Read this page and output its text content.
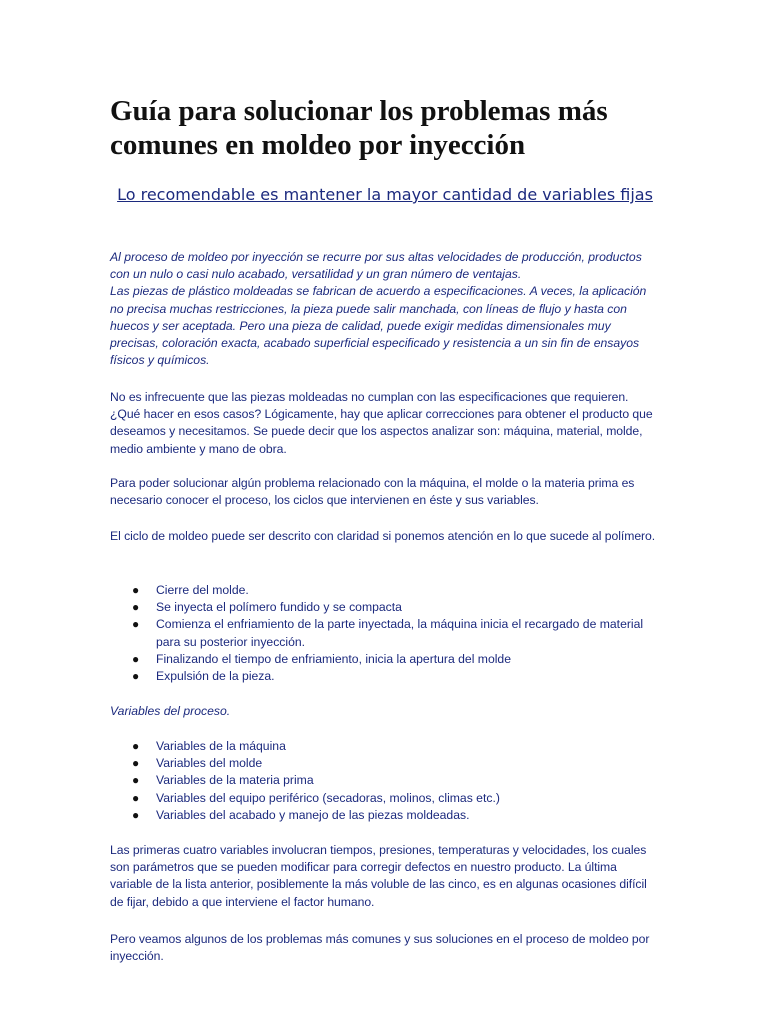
Guía para solucionar los problemas más comunes en moldeo por inyección
Lo recomendable es mantener la mayor cantidad de variables fijas

Al proceso de moldeo por inyección se recurre por sus altas velocidades de producción, productos con un nulo o casi nulo acabado, versatilidad y un gran número de ventajas.

Las piezas de plástico moldeadas se fabrican de acuerdo a especificaciones. A veces, la aplicación no precisa muchas restricciones, la pieza puede salir manchada, con líneas de flujo y hasta con huecos y ser aceptada. Pero una pieza de calidad, puede exigir medidas dimensionales muy precisas, coloración exacta, acabado superficial especificado y resistencia a un sin fin de ensayos físicos y químicos.

No es infrecuente que las piezas moldeadas no cumplan con las especificaciones que requieren. ¿Qué hacer en esos casos? Lógicamente, hay que aplicar correcciones para obtener el producto que deseamos y necesitamos. Se puede decir que los aspectos analizar son: máquina, material, molde, medio ambiente y mano de obra.

Para poder solucionar algún problema relacionado con la máquina, el molde o la materia prima es necesario conocer el proceso, los ciclos que intervienen en éste y sus variables.

El ciclo de moldeo puede ser descrito con claridad si ponemos atención en lo que sucede al polímero.

● Cierre del molde.
● Se inyecta el polímero fundido y se compacta
● Comienza el enfriamiento de la parte inyectada, la máquina inicia el recargado de material para su posterior inyección.
● Finalizando el tiempo de enfriamiento, inicia la apertura del molde
● Expulsión de la pieza.

Variables del proceso.

● Variables de la máquina
● Variables del molde
● Variables de la materia prima
● Variables del equipo periférico (secadoras, molinos, climas etc.)
● Variables del acabado y manejo de las piezas moldeadas.

Las primeras cuatro variables involucran tiempos, presiones, temperaturas y velocidades, los cuales son parámetros que se pueden modificar para corregir defectos en nuestro producto. La última variable de la lista anterior, posiblemente la más voluble de las cinco, es en algunas ocasiones difícil de fijar, debido a que interviene el factor humano.

Pero veamos algunos de los problemas más comunes y sus soluciones en el proceso de moldeo por inyección.
